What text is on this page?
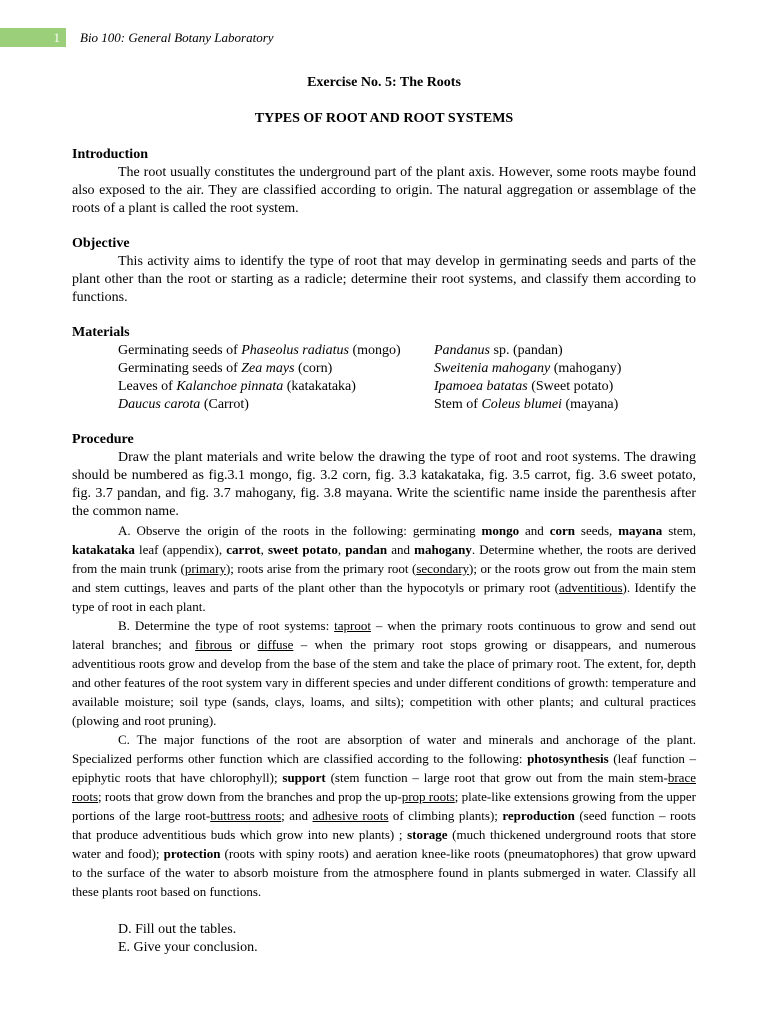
1	Bio 100: General Botany Laboratory
Exercise No. 5: The Roots
TYPES OF ROOT AND ROOT SYSTEMS
Introduction

The root usually constitutes the underground part of the plant axis. However, some roots maybe found also exposed to the air. They are classified according to origin. The natural aggregation or assemblage of the roots of a plant is called the root system.

Objective

This activity aims to identify the type of root that may develop in germinating seeds and parts of the plant other than the root or starting as a radicle; determine their root systems, and classify them according to functions.

Materials
Germinating seeds of Phaseolus radiatus (mongo)
Germinating seeds of Zea mays (corn)
Leaves of Kalanchoe pinnata (katakataka)
Daucus carota (Carrot)
Pandanus sp. (pandan)
Sweitenia mahogany (mahogany)
Ipamoea batatas (Sweet potato)
Stem of Coleus blumei (mayana)
Procedure

Draw the plant materials and write below the drawing the type of root and root systems. The drawing should be numbered as fig.3.1 mongo, fig. 3.2 corn, fig. 3.3 katakataka, fig. 3.5 carrot, fig. 3.6 sweet potato, fig. 3.7 pandan, and fig. 3.7 mahogany, fig. 3.8 mayana. Write the scientific name inside the parenthesis after the common name.

A. Observe the origin of the roots in the following: germinating mongo and corn seeds, mayana stem, katakataka leaf (appendix), carrot, sweet potato, pandan and mahogany. Determine whether, the roots are derived from the main trunk (primary); roots arise from the primary root (secondary); or the roots grow out from the main stem and stem cuttings, leaves and parts of the plant other than the hypocotyls or primary root (adventitious). Identify the type of root in each plant.

B. Determine the type of root systems: taproot – when the primary roots continuous to grow and send out lateral branches; and fibrous or diffuse – when the primary root stops growing or disappears, and numerous adventitious roots grow and develop from the base of the stem and take the place of primary root. The extent, for, depth and other features of the root system vary in different species and under different conditions of growth: temperature and available moisture; soil type (sands, clays, loams, and silts); competition with other plants; and cultural practices (plowing and root pruning).

C. The major functions of the root are absorption of water and minerals and anchorage of the plant. Specialized performs other function which are classified according to the following: photosynthesis (leaf function – epiphytic roots that have chlorophyll); support (stem function – large root that grow out from the main stem-brace roots; roots that grow down from the branches and prop the up-prop roots; plate-like extensions growing from the upper portions of the large root-buttress roots; and adhesive roots of climbing plants); reproduction (seed function – roots that produce adventitious buds which grow into new plants) ; storage (much thickened underground roots that store water and food); protection (roots with spiny roots) and aeration knee-like roots (pneumatophores) that grow upward to the surface of the water to absorb moisture from the atmosphere found in plants submerged in water. Classify all these plants root based on functions.

D. Fill out the tables.
E. Give your conclusion.
